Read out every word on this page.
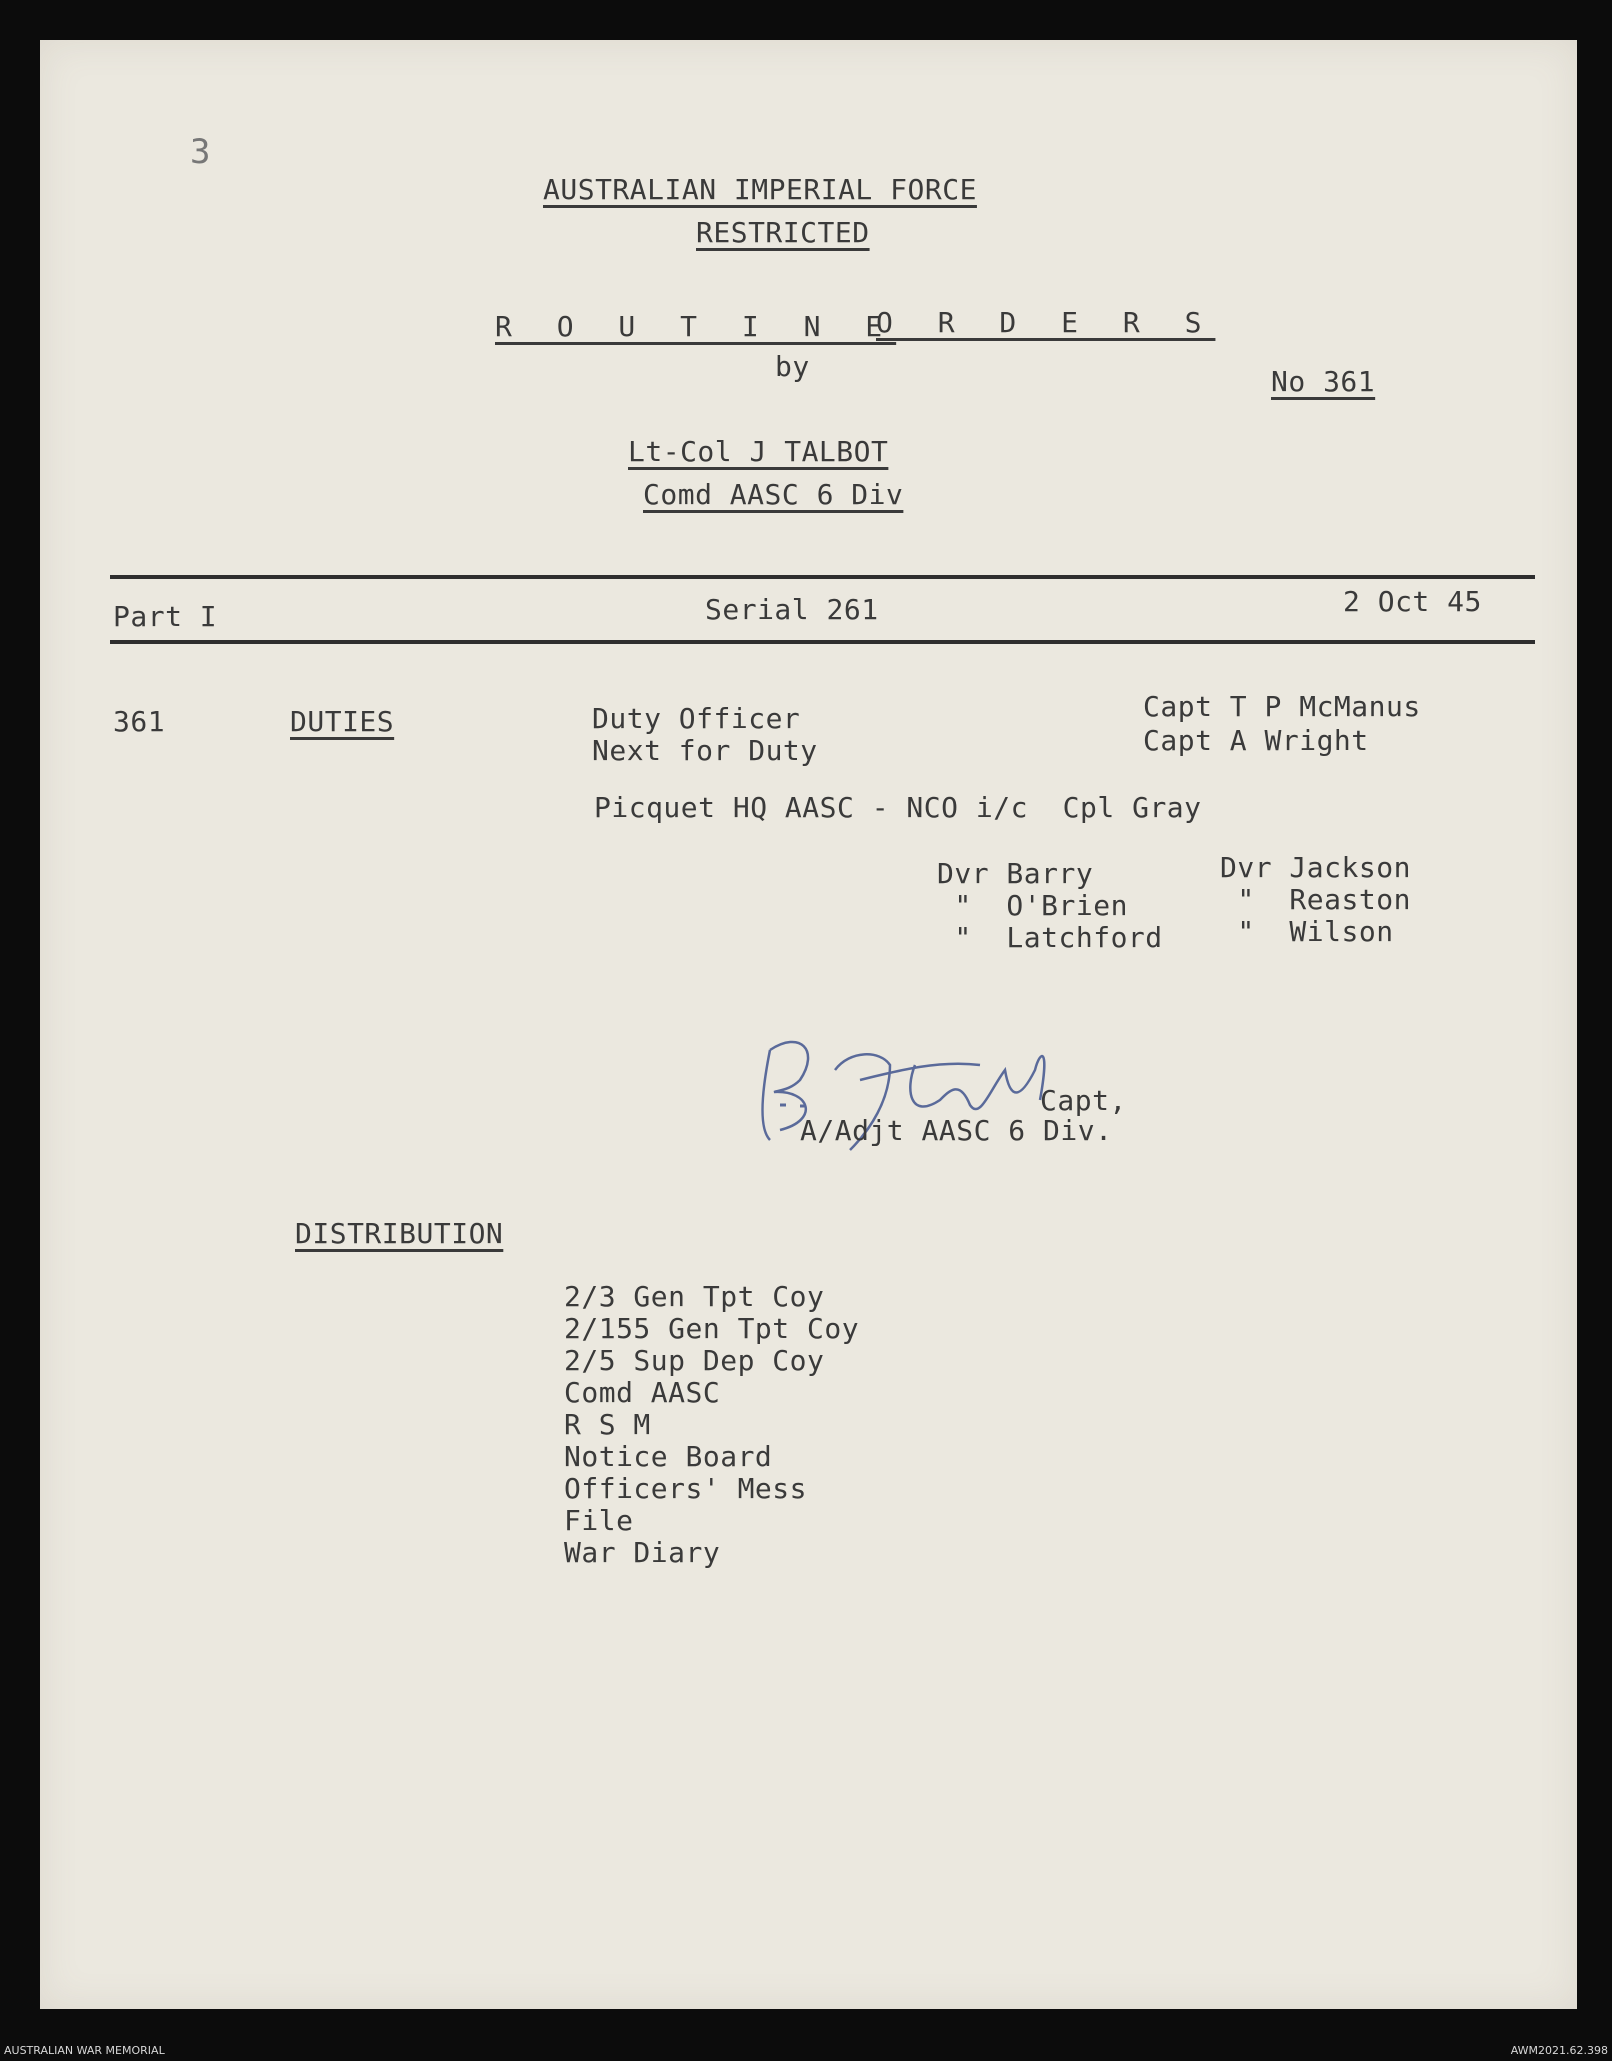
3
AUSTRALIAN IMPERIAL FORCE
RESTRICTED
R O U T I N E
O R D E R S
by	No 361
Lt-Col J TALBOT
Comd AASC 6 Div
Part I	Serial 261	2 Oct 45
361	DUTIES	Duty Officer	Capt T P McManus
Next for Duty	Capt A Wright
Picquet HQ AASC - NCO i/c  Cpl Gray
Dvr Barry
"  O'Brien
"  Latchford
Dvr Jackson
"  Reaston
"  Wilson
Capt,
A/Adjt AASC 6 Div.
DISTRIBUTION
2/3 Gen Tpt Coy
2/155 Gen Tpt Coy
2/5 Sup Dep Coy
Comd AASC
R S M
Notice Board
Officers' Mess
File
War Diary
AUSTRALIAN WAR MEMORIAL	AWM2021.62.398
